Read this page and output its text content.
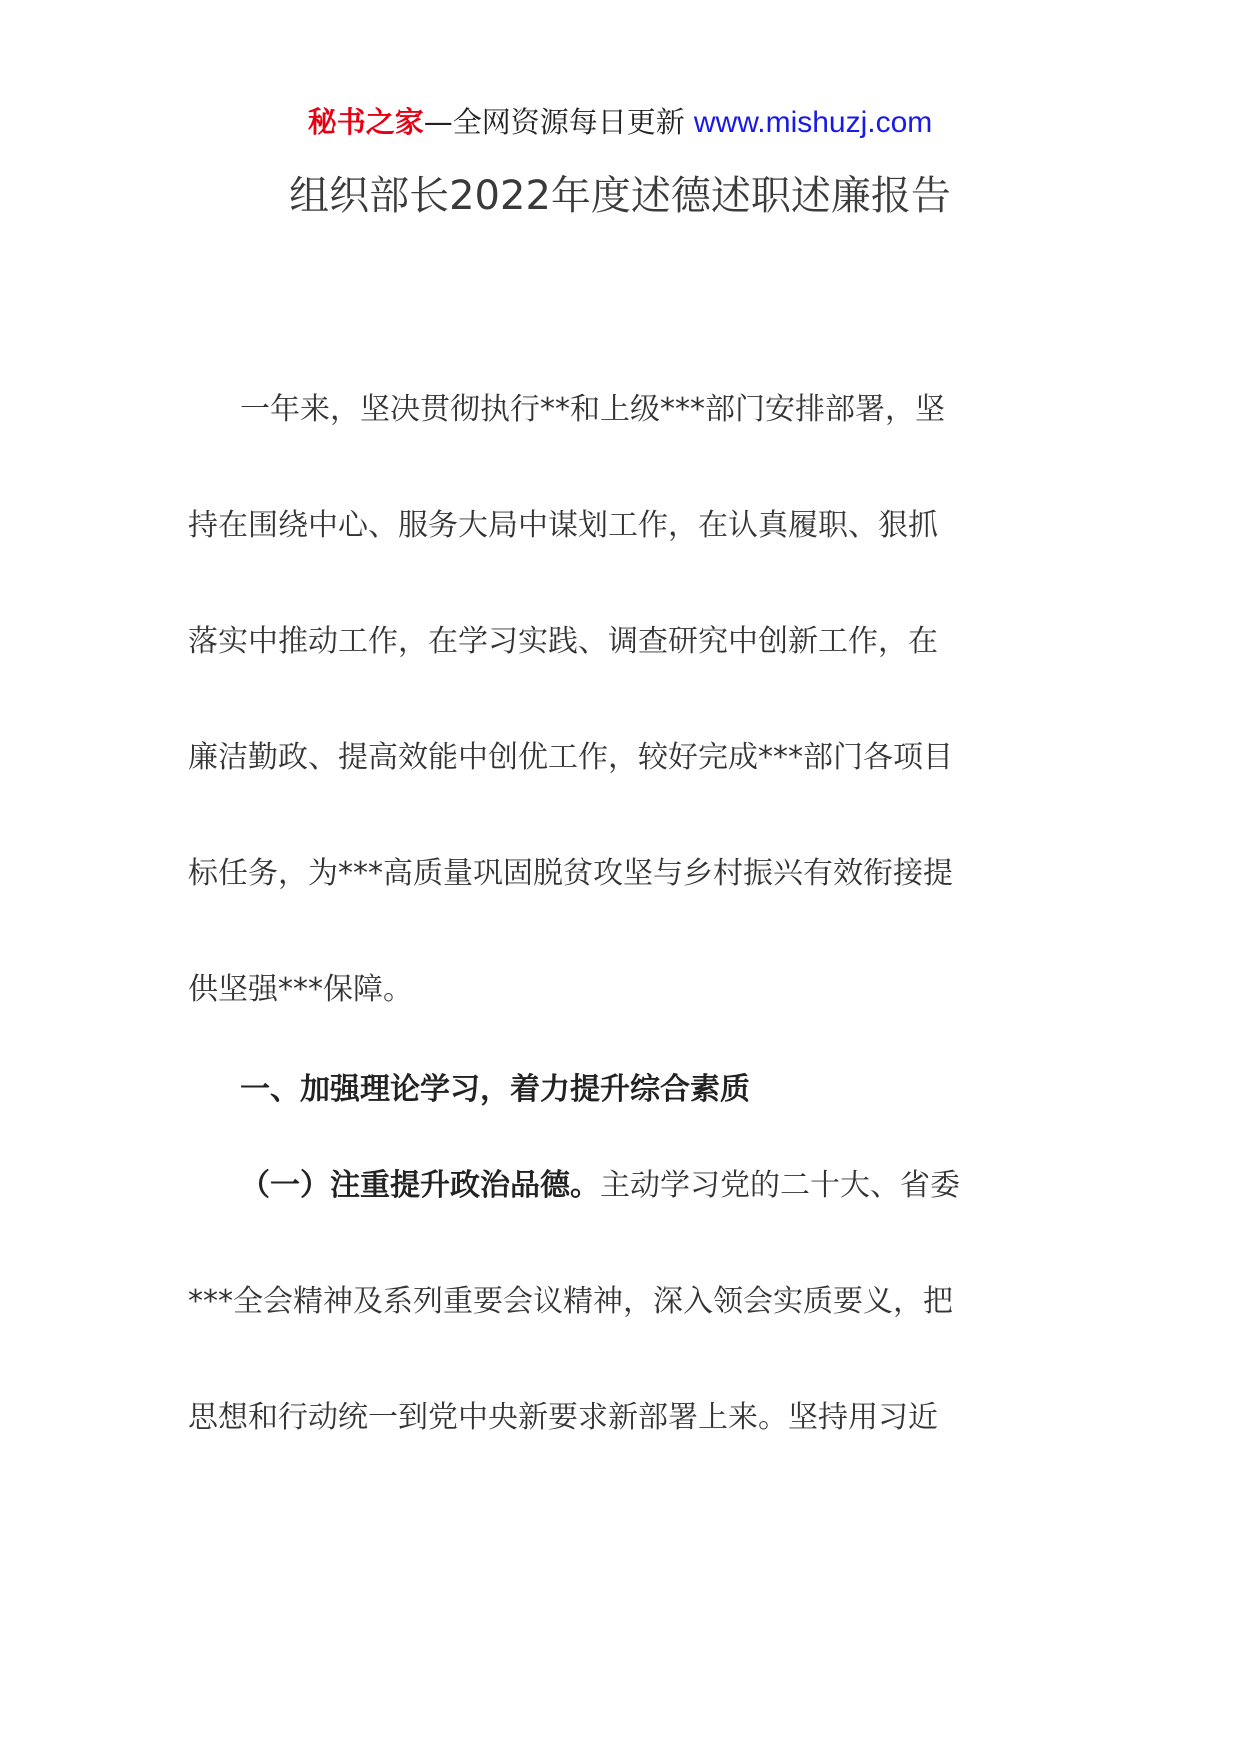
秘书之家—全网资源每日更新 www.mishuzj.com
组织部长2022年度述德述职述廉报告
一年来，坚决贯彻执行**和上级***部门安排部署，坚
持在围绕中心、服务大局中谋划工作，在认真履职、狠抓
落实中推动工作，在学习实践、调查研究中创新工作，在
廉洁勤政、提高效能中创优工作，较好完成***部门各项目
标任务，为***高质量巩固脱贫攻坚与乡村振兴有效衔接提
供坚强***保障。
一、加强理论学习，着力提升综合素质
（一）注重提升政治品德。主动学习党的二十大、省委
***全会精神及系列重要会议精神，深入领会实质要义，把
思想和行动统一到党中央新要求新部署上来。坚持用习近
